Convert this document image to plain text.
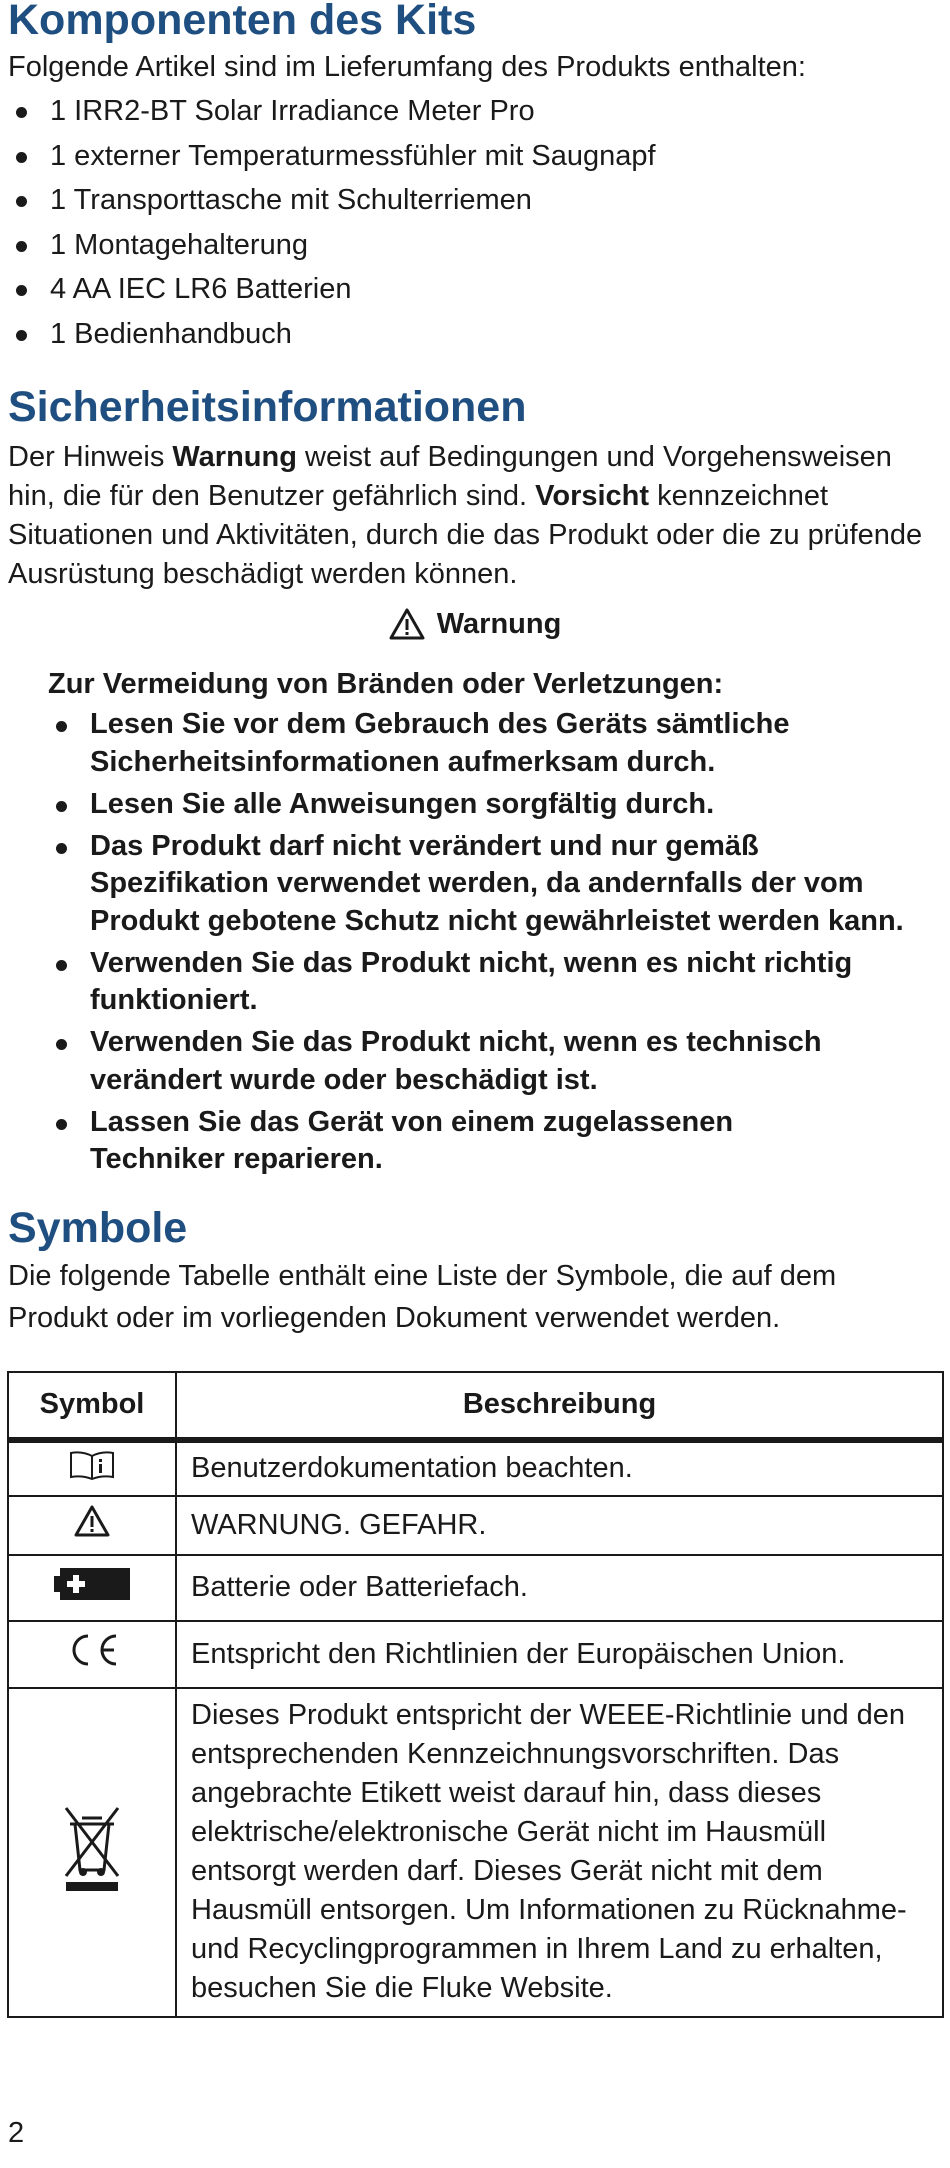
Komponenten des Kits

Folgende Artikel sind im Lieferumfang des Produkts enthalten:

1 IRR2-BT Solar Irradiance Meter Pro
1 externer Temperaturmessfühler mit Saugnapf
1 Transporttasche mit Schulterriemen
1 Montagehalterung
4 AA IEC LR6 Batterien
1 Bedienhandbuch
Sicherheitsinformationen

Der Hinweis Warnung weist auf Bedingungen und Vorgehensweisen hin, die für den Benutzer gefährlich sind. Vorsicht kennzeichnet Situationen und Aktivitäten, durch die das Produkt oder die zu prüfende Ausrüstung beschädigt werden können.

Warnung

Zur Vermeidung von Bränden oder Verletzungen:

Lesen Sie vor dem Gebrauch des Geräts sämtliche Sicherheitsinformationen aufmerksam durch.
Lesen Sie alle Anweisungen sorgfältig durch.
Das Produkt darf nicht verändert und nur gemäß Spezifikation verwendet werden, da andernfalls der vom Produkt gebotene Schutz nicht gewährleistet werden kann.
Verwenden Sie das Produkt nicht, wenn es nicht richtig funktioniert.
Verwenden Sie das Produkt nicht, wenn es technisch verändert wurde oder beschädigt ist.
Lassen Sie das Gerät von einem zugelassenen Techniker reparieren.
Symbole

Die folgende Tabelle enthält eine Liste der Symbole, die auf dem Produkt oder im vorliegenden Dokument verwendet werden.

Symbol	Beschreibung
	Benutzerdokumentation beachten.
	WARNUNG. GEFAHR.
	Batterie oder Batteriefach.
	Entspricht den Richtlinien der Europäischen Union.
	Dieses Produkt entspricht der WEEE-Richtlinie und den entsprechenden Kennzeichnungsvorschriften. Das angebrachte Etikett weist darauf hin, dass dieses elektrische/elektronische Gerät nicht im Hausmüll entsorgt werden darf. Dieses Gerät nicht mit dem Hausmüll entsorgen. Um Informationen zu Rücknahme- und Recyclingprogrammen in Ihrem Land zu erhalten, besuchen Sie die Fluke Website.
2
